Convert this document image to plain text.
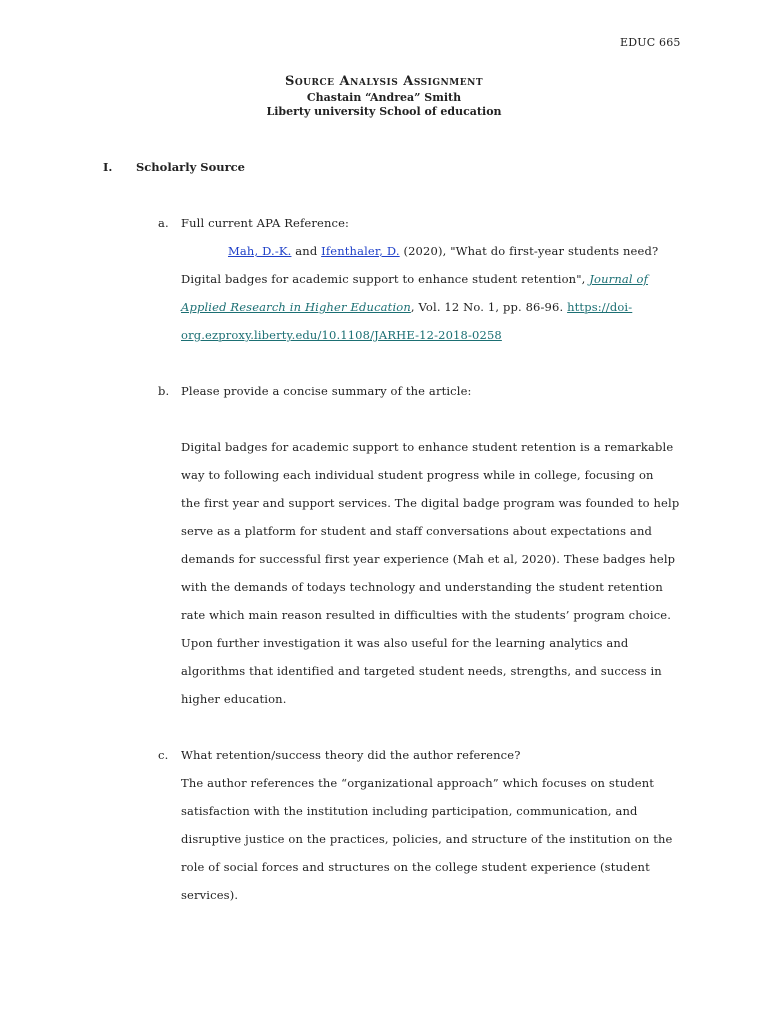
EDUC 665
Source Analysis Assignment
Chastain “Andrea” Smith
Liberty university School of education
I. Scholarly Source
a. Full current APA Reference:
Mah, D.-K. and Ifenthaler, D. (2020), "What do first-year students need?
Digital badges for academic support to enhance student retention", Journal of
Applied Research in Higher Education, Vol. 12 No. 1, pp. 86-96. https://doi-
org.ezproxy.liberty.edu/10.1108/JARHE-12-2018-0258
b. Please provide a concise summary of the article:
Digital badges for academic support to enhance student retention is a remarkable
way to following each individual student progress while in college, focusing on
the first year and support services. The digital badge program was founded to help
serve as a platform for student and staff conversations about expectations and
demands for successful first year experience (Mah et al, 2020). These badges help
with the demands of todays technology and understanding the student retention
rate which main reason resulted in difficulties with the students’ program choice.
Upon further investigation it was also useful for the learning analytics and
algorithms that identified and targeted student needs, strengths, and success in
higher education.
c. What retention/success theory did the author reference?
The author references the “organizational approach” which focuses on student
satisfaction with the institution including participation, communication, and
disruptive justice on the practices, policies, and structure of the institution on the
role of social forces and structures on the college student experience (student
services).
